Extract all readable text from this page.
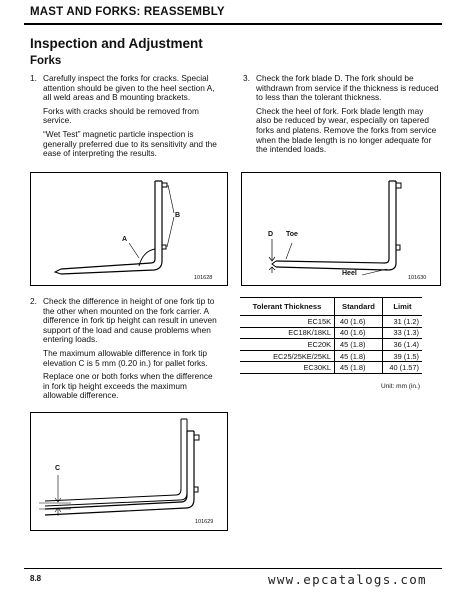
MAST AND FORKS: REASSEMBLY
Inspection and Adjustment
Forks
1. Carefully inspect the forks for cracks. Special attention should be given to the heel section A, all weld areas and B mounting brackets.

Forks with cracks should be removed from service.

“Wet Test” magnetic particle inspection is generally preferred due to its sensitivity and the ease of interpreting the results.

A
B
101628
3. Check the fork blade D. The fork should be withdrawn from service if the thickness is reduced to less than the tolerant thickness.

Check the heel of fork. Fork blade length may also be reduced by wear, especially on tapered forks and platens. Remove the forks from service when the blade length is no longer adequate for the intended loads.

D Toe
Heel
101630
2. Check the difference in height of one fork tip to the other when mounted on the fork carrier. A difference in fork tip height can result in uneven support of the load and cause problems when entering loads.

The maximum allowable difference in fork tip elevation C is 5 mm (0.20 in.) for pallet forks.

Replace one or both forks when the difference in fork tip height exceeds the maximum allowable difference.

Tolerant Thickness	Standard	Limit
EC15K	40 (1.6)	31 (1.2)
EC18K/18KL	40 (1.6)	33 (1.3)
EC20K	45 (1.8)	36 (1.4)
EC25/25KE/25KL	45 (1.8)	39 (1.5)
EC30KL	45 (1.8)	40 (1.57)
Unit: mm (in.)
C
101629
8.8	www.epcatalogs.com
